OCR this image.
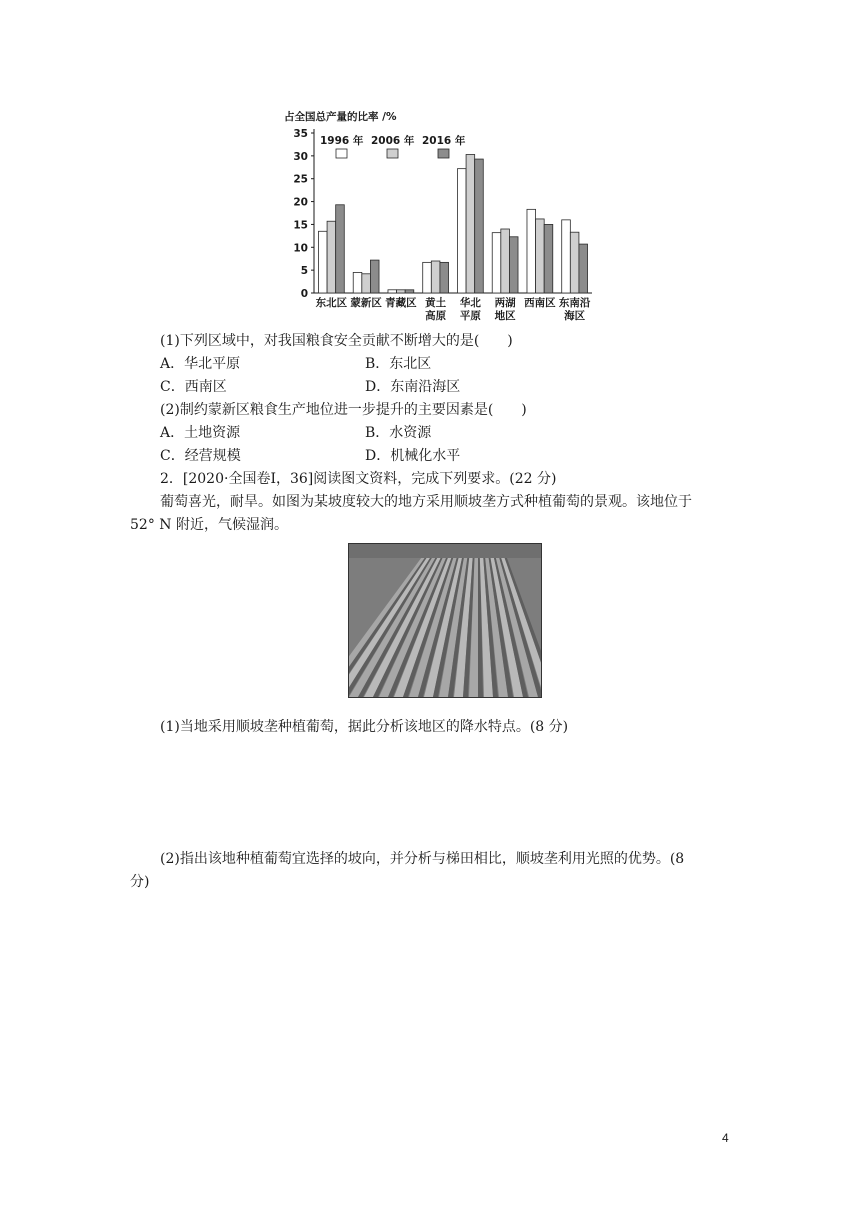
占全国总产量的比率 /%
0
5
10
15
20
25
30
35
1996 年 2006 年 2016 年
东北区 蒙新区 青藏区 黄土
高原
华北
平原
两湖
地区
西南区 东南沿
海区
(1)下列区域中，对我国粮食安全贡献不断增大的是(　　)
A．华北平原	B．东北区
C．西南区	D．东南沿海区
(2)制约蒙新区粮食生产地位进一步提升的主要因素是(　　)
A．土地资源	B．水资源
C．经营规模	D．机械化水平
2．[2020·全国卷Ⅰ，36]阅读图文资料，完成下列要求。(22 分)
葡萄喜光，耐旱。如图为某坡度较大的地方采用顺坡垄方式种植葡萄的景观。该地位于
52° N 附近，气候湿润。
(1)当地采用顺坡垄种植葡萄，据此分析该地区的降水特点。(8 分)
(2)指出该地种植葡萄宜选择的坡向，并分析与梯田相比，顺坡垄利用光照的优势。(8
分)
4
